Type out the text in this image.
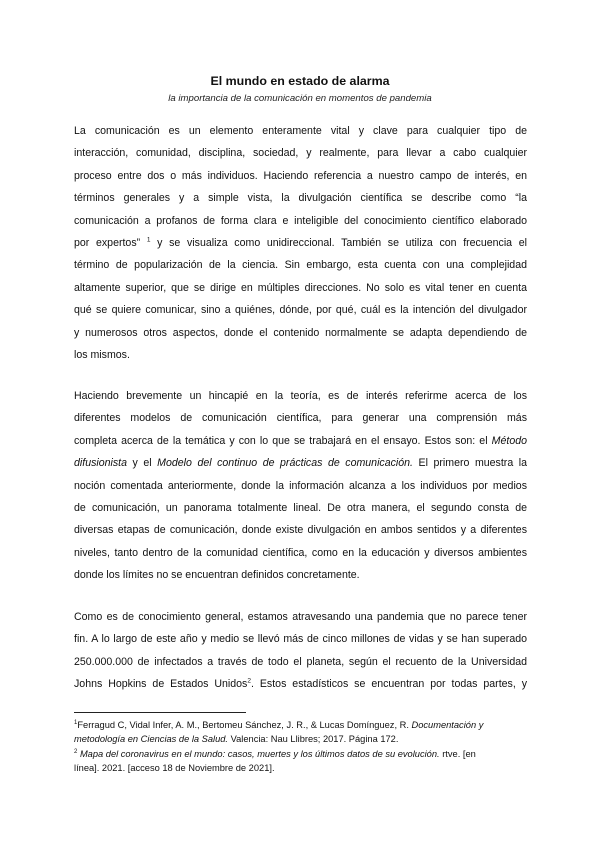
El mundo en estado de alarma
la importancia de la comunicación en momentos de pandemia
La comunicación es un elemento enteramente vital y clave para cualquier tipo de
interacción, comunidad, disciplina, sociedad, y realmente, para llevar a cabo cualquier
proceso entre dos o más individuos. Haciendo referencia a nuestro campo de interés, en
términos generales y a simple vista, la divulgación científica se describe como “la
comunicación a profanos de forma clara e inteligible del conocimiento científico elaborado
por expertos” $^1$ y se visualiza como unidireccional. También se utiliza con frecuencia el
término de popularización de la ciencia. Sin embargo, esta cuenta con una complejidad
altamente superior, que se dirige en múltiples direcciones. No solo es vital tener en cuenta
qué se quiere comunicar, sino a quiénes, dónde, por qué, cuál es la intención del divulgador
y numerosos otros aspectos, donde el contenido normalmente se adapta dependiendo de
los mismos.
Haciendo brevemente un hincapié en la teoría, es de interés referirme acerca de los
diferentes modelos de comunicación científica, para generar una comprensión más
completa acerca de la temática y con lo que se trabajará en el ensayo. Estos son: el Método
difusionista y el Modelo del continuo de prácticas de comunicación. El primero muestra la
noción comentada anteriormente, donde la información alcanza a los individuos por medios
de comunicación, un panorama totalmente lineal. De otra manera, el segundo consta de
diversas etapas de comunicación, donde existe divulgación en ambos sentidos y a diferentes
niveles, tanto dentro de la comunidad científica, como en la educación y diversos ambientes
donde los límites no se encuentran definidos concretamente.
Como es de conocimiento general, estamos atravesando una pandemia que no parece tener
fin. A lo largo de este año y medio se llevó más de cinco millones de vidas y se han superado
250.000.000 de infectados a través de todo el planeta, según el recuento de la Universidad
Johns Hopkins de Estados Unidos$^2$. Estos estadísticos se encuentran por todas partes, y
$^1$Ferragud C, Vidal Infer, A. M., Bertomeu Sánchez, J. R., & Lucas Domínguez, R. Documentación y
metodología en Ciencias de la Salud. Valencia: Nau Llibres; 2017. Página 172.
$^2$ Mapa del coronavirus en el mundo: casos, muertes y los últimos datos de su evolución. rtve. [en
línea]. 2021. [acceso 18 de Noviembre de 2021].
